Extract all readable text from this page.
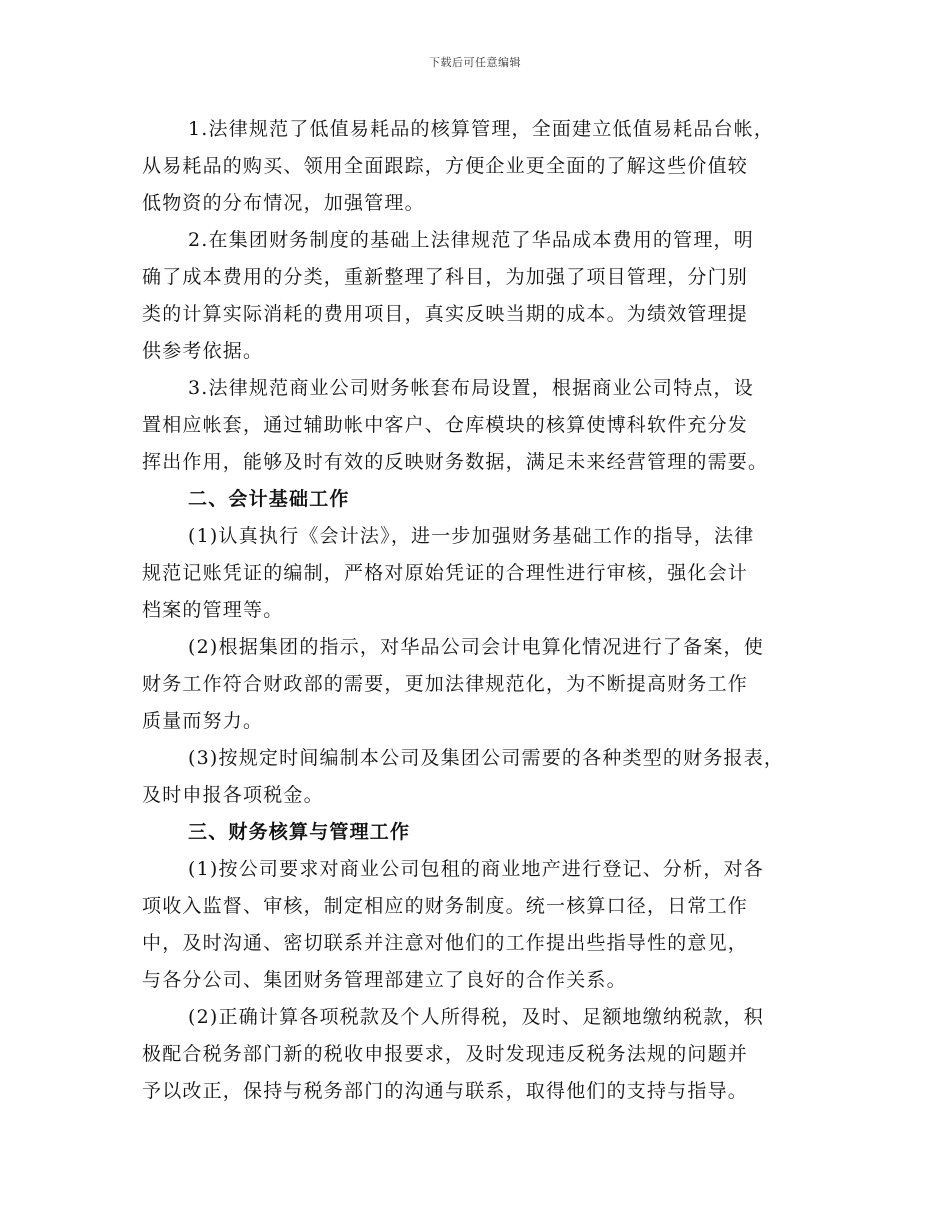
下载后可任意编辑
1.法律规范了低值易耗品的核算管理，全面建立低值易耗品台帐，
从易耗品的购买、领用全面跟踪，方便企业更全面的了解这些价值较
低物资的分布情况，加强管理。
2.在集团财务制度的基础上法律规范了华品成本费用的管理，明
确了成本费用的分类，重新整理了科目，为加强了项目管理，分门别
类的计算实际消耗的费用项目，真实反映当期的成本。为绩效管理提
供参考依据。
3.法律规范商业公司财务帐套布局设置，根据商业公司特点，设
置相应帐套，通过辅助帐中客户、仓库模块的核算使博科软件充分发
挥出作用，能够及时有效的反映财务数据，满足未来经营管理的需要。
二、会计基础工作
(1)认真执行《会计法》，进一步加强财务基础工作的指导，法律
规范记账凭证的编制，严格对原始凭证的合理性进行审核，强化会计
档案的管理等。
(2)根据集团的指示，对华品公司会计电算化情况进行了备案，使
财务工作符合财政部的需要，更加法律规范化，为不断提高财务工作
质量而努力。
(3)按规定时间编制本公司及集团公司需要的各种类型的财务报表，
及时申报各项税金。
三、财务核算与管理工作
(1)按公司要求对商业公司包租的商业地产进行登记、分析，对各
项收入监督、审核，制定相应的财务制度。统一核算口径，日常工作
中，及时沟通、密切联系并注意对他们的工作提出些指导性的意见，
与各分公司、集团财务管理部建立了良好的合作关系。
(2)正确计算各项税款及个人所得税，及时、足额地缴纳税款，积
极配合税务部门新的税收申报要求，及时发现违反税务法规的问题并
予以改正，保持与税务部门的沟通与联系，取得他们的支持与指导。
